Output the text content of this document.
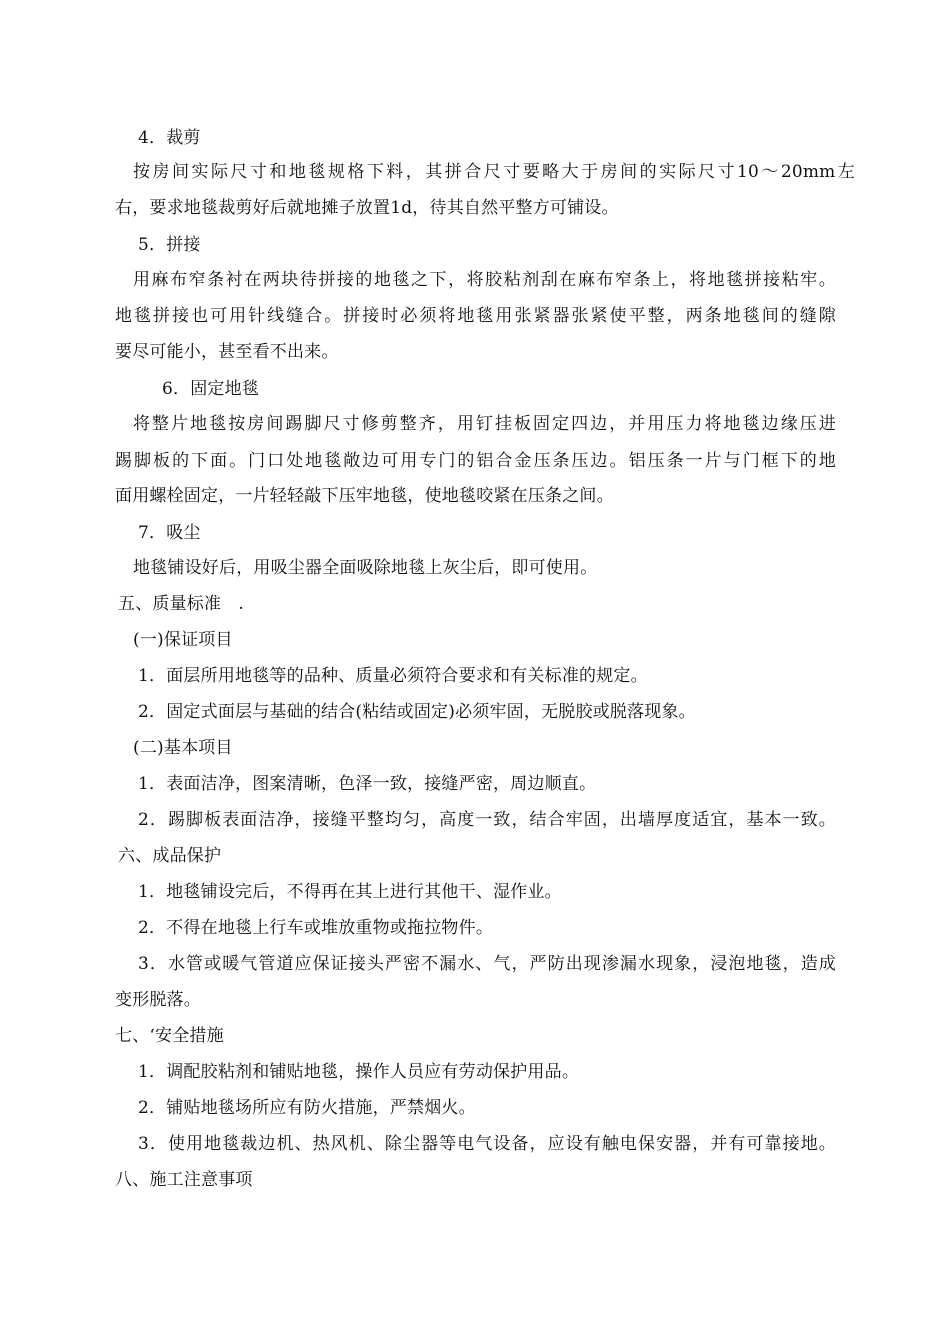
4．裁剪
按房间实际尺寸和地毯规格下料，其拼合尺寸要略大于房间的实际尺寸10～20mm左
右，要求地毯裁剪好后就地摊子放置1d，待其自然平整方可铺设。
5．拼接
用麻布窄条衬在两块待拼接的地毯之下，将胶粘剂刮在麻布窄条上，将地毯拼接粘牢。
地毯拼接也可用针线缝合。拼接时必须将地毯用张紧器张紧使平整，两条地毯间的缝隙
要尽可能小，甚至看不出来。
6．固定地毯
将整片地毯按房间踢脚尺寸修剪整齐，用钉挂板固定四边，并用压力将地毯边缘压进
踢脚板的下面。门口处地毯敞边可用专门的铝合金压条压边。铝压条一片与门框下的地
面用螺栓固定，一片轻轻敲下压牢地毯，使地毯咬紧在压条之间。
7．吸尘
地毯铺设好后，用吸尘器全面吸除地毯上灰尘后，即可使用。
五、质量标准　.
(一)保证项目
1．面层所用地毯等的品种、质量必须符合要求和有关标准的规定。
2．固定式面层与基础的结合(粘结或固定)必须牢固，无脱胶或脱落现象。
(二)基本项目
1．表面洁净，图案清晰，色泽一致，接缝严密，周边顺直。
2．踢脚板表面洁净，接缝平整均匀，高度一致，结合牢固，出墙厚度适宜，基本一致。
六、成品保护
1．地毯铺设完后，不得再在其上进行其他干、湿作业。
2．不得在地毯上行车或堆放重物或拖拉物件。
3．水管或暖气管道应保证接头严密不漏水、气，严防出现渗漏水现象，浸泡地毯，造成
变形脱落。
七、‘安全措施
1．调配胶粘剂和铺贴地毯，操作人员应有劳动保护用品。
2．铺贴地毯场所应有防火措施，严禁烟火。
3．使用地毯裁边机、热风机、除尘器等电气设备，应设有触电保安器，并有可靠接地。
八、施工注意事项
